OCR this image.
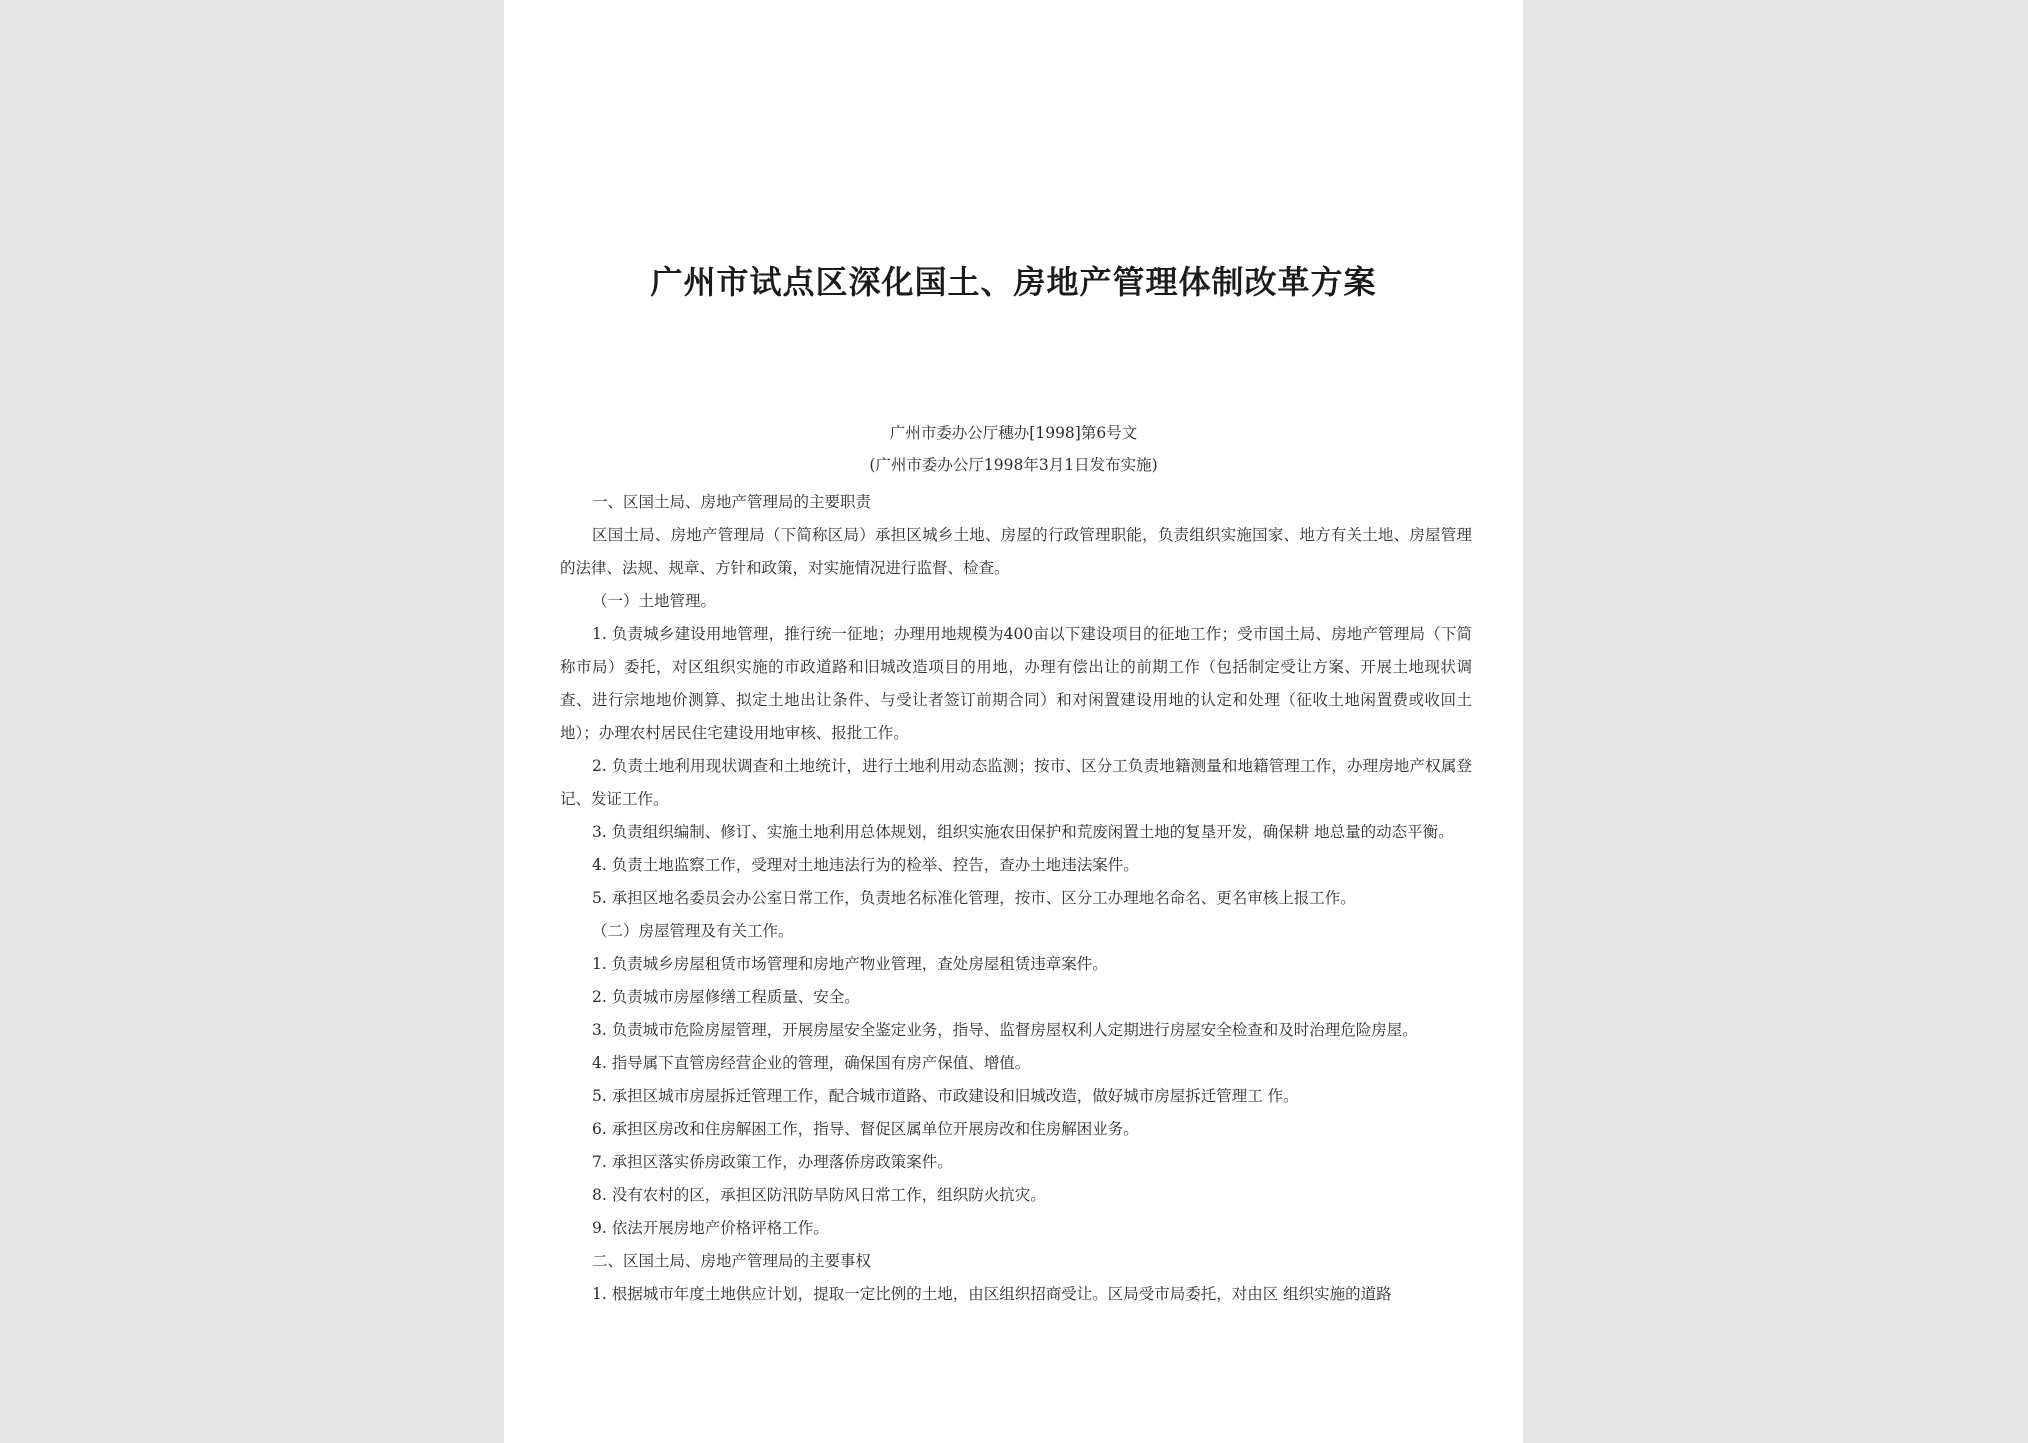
广州市试点区深化国土、房地产管理体制改革方案
广州市委办公厅穗办[1998]第6号文
(广州市委办公厅1998年3月1日发布实施)

一、区国土局、房地产管理局的主要职责

区国土局、房地产管理局（下简称区局）承担区城乡土地、房屋的行政管理职能，负责组织实施国家、地方有关土地、房屋管理的法律、法规、规章、方针和政策，对实施情况进行监督、检查。

（一）土地管理。

1. 负责城乡建设用地管理，推行统一征地；办理用地规模为400亩以下建设项目的征地工作；受市国土局、房地产管理局（下简称市局）委托，对区组织实施的市政道路和旧城改造项目的用地，办理有偿出让的前期工作（包括制定受让方案、开展土地现状调查、进行宗地地价测算、拟定土地出让条件、与受让者签订前期合同）和对闲置建设用地的认定和处理（征收土地闲置费或收回土地）；办理农村居民住宅建设用地审核、报批工作。

2. 负责土地利用现状调查和土地统计，进行土地利用动态监测；按市、区分工负责地籍测量和地籍管理工作，办理房地产权属登记、发证工作。

3. 负责组织编制、修订、实施土地利用总体规划，组织实施农田保护和荒废闲置土地的复垦开发，确保耕 地总量的动态平衡。

4. 负责土地监察工作，受理对土地违法行为的检举、控告，查办土地违法案件。

5. 承担区地名委员会办公室日常工作，负责地名标准化管理，按市、区分工办理地名命名、更名审核上报工作。

（二）房屋管理及有关工作。

1. 负责城乡房屋租赁市场管理和房地产物业管理，查处房屋租赁违章案件。

2. 负责城市房屋修缮工程质量、安全。

3. 负责城市危险房屋管理，开展房屋安全鉴定业务，指导、监督房屋权利人定期进行房屋安全检查和及时治理危险房屋。

4. 指导属下直管房经营企业的管理，确保国有房产保值、增值。

5. 承担区城市房屋拆迁管理工作，配合城市道路、市政建设和旧城改造，做好城市房屋拆迁管理工 作。

6. 承担区房改和住房解困工作，指导、督促区属单位开展房改和住房解困业务。

7. 承担区落实侨房政策工作，办理落侨房政策案件。

8. 没有农村的区，承担区防汛防旱防风日常工作，组织防火抗灾。

9. 依法开展房地产价格评格工作。

二、区国土局、房地产管理局的主要事权

1. 根据城市年度土地供应计划，提取一定比例的土地，由区组织招商受让。区局受市局委托，对由区 组织实施的道路
